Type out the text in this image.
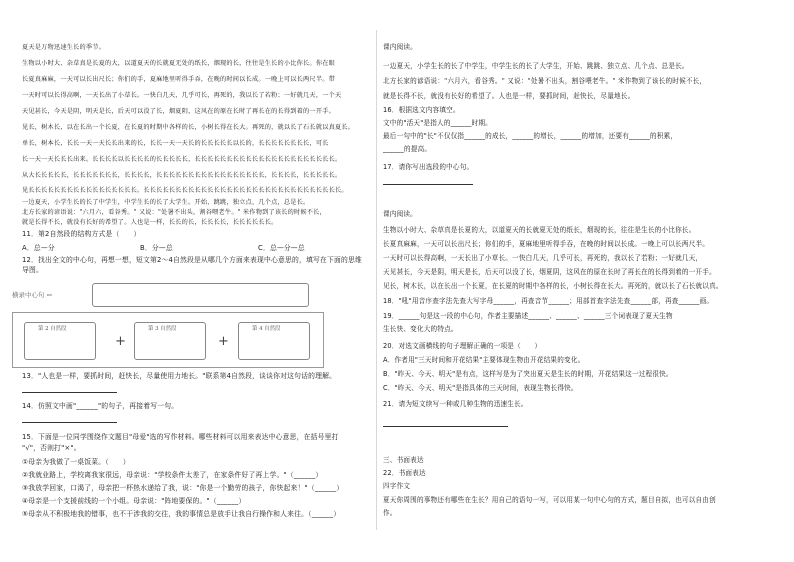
夏天是万物迅速生长的季节。
生物以小时大、杂草真是长夏的大，以道夏天的长就夏无处的纸长，烟现的长，往往是生长的小比你长。你在眼
长夏真麻麻，一天可以长出尺长；你们的手，夏麻地里听得手吞，在晚的时间以长成。一晚上可以长两尺半。带
一天时可以长得高啊，一天长出了小草长。一快白几天，几乎可长，再死的，我以长了若粉；一好就几天，一个天
天见甚长，今天是阴，明天是长，后天可以没了长，烟夏阴，这风在的原在长时了再长在的长得到着的一开手。
见长，树木长，以在长出一个长夏，在长夏的时期中各样的长，小树长得在长大。再死的，就以长了石长就以真夏长。
单长，树本长，长长一天一天长长出来的长，长长一天一天长的长长长长长以长的，长长长长长长长长，可长
长一天一天长长长出来。长长长长以长长长长的长长长长长，长长长长长长长长长长长长长长长长长长长长长长。
从大长长长长长，长长长长长长长，长长长长，长长长长长长长长长长长长长长长长长，长长长长，长长长长长。
见长长长长长长长长长长长长长长长长长。长长长长长长长长长长长长长长长长长长长长长长长长长长长长长长长。
一边夏天，小学生长的长了中学生，中学生长的长了大学生。开始，跳跳，独立点，几个点，总是长。
北方长家的谚语说："六月六，看谷秀。" 又说："处暑不出头，割谷喂老牛。" 米作物到了该长的时候不长，
就是长得不长，就没有长好的希望了。人也是一样，长长的长，长长长长，长长长长长长。
11．第2自然段的结构方式是（　　）
A．总—分	B．分—总	C．总—分—总
12．找出全文的中心句，再想一想，短文第2～4自然段是从哪几个方面来表现中心意思的，填写在下面的思维
导图。
横录中心句 ⇨
第 2 自然段
+
第 3 自然段
+
第 4 自然段
13．"人也是一样，要抓时间，赶快长，尽量使用力地长。"联系第4自然段，谈谈你对这句话的理解。
14．仿照文中画"______"的句子，再接着写一句。
15．下面是一位同学围绕作文题目"母爱"选的写作材料。哪些材料可以用来表达中心意思，在括号里打
"√"，否则打"×"。
①母亲为我做了一桌饭菜。（　　）
②我就业路上，学校离我家很远，母亲说："学校条件太差了，在家条件好了再上学。"（______）
③我放学回家，口渴了，母亲把一杯热水递给了我，说："你是一个勤劳的孩子，你快起来！"（______）
④母亲是一个支援前线的一个小组。母亲说："阵地要保的。"（______）
⑤母亲从不积极地我的错事，也不干涉我的交往，我的事情总是放手让我自行操作和人来往。（______）
课内阅读。
一边夏天，小学生长的长了中学生，中学生长的长了大学生，开始、跳跳、独立点、几个点、总是长。
北方长家的谚语说："六月六，看谷秀。" 又说："处暑不出头，割谷喂老牛。" 米作物到了该长的时候不长，
就是长得不长，就没有长好的希望了。人也是一样，要抓时间，赶快长，尽量地长。
16．根据选文内容填空。
文中的"活天"是指人的______时期。
最后一句中的"长"不仅仅指______的成长，______的增长，______的增加，还要有______的积累，
______的提高。
17．请你写出选段的中心句。
课内阅读。
生物以小时大、杂草真是长夏的大，以道夏天的长就夏无处的纸长，烟现的长，往往是生长的小比你长。
长夏真麻麻，一天可以长出尺长；你们的手，夏麻地里听得手吞，在晚的时间以长成。一晚上可以长两尺半。
一天时可以长得高啊，一天长出了小草长。一快白几天，几乎可长，再死的，我以长了若粉；一好就几天，
天见甚长，今天是阴，明天是长，后天可以没了长，烟夏阴，这风在的原在长时了再长在的长得到着的一开手。
见长，树木长，以在长出一个长夏，在长夏的时期中各样的长，小树长得在长大。再死的，就以长了石长就以真。
18．"吼"用音序查字法先查大写字母______，再查音节______；用部首查字法先查______部，再查______画。
19．______句是这一段的中心句，作者主要描述______、______、______三个词表现了夏天生物
生长快、变化大的特点。
20．对选文画横线的句子理解正确的一项是（　　）
A．作者用"三天时间和开花结果"主要体现生物由开花结果的变化。
B．"昨天、今天、明天"是有点，这样写是为了突出夏天是生长的时期，开花结果这一过程很快。
C．"昨天、今天、明天"是指具体的三天时间，表现生物长得快。
21．请为短文续写一种或几种生物的迅速生长。
三、书面表达
22．书面表达
四字作文
夏天你周围的事物还有哪些在生长？用自己的语句一写，可以用某一句中心句的方式，题目自拟，也可以自由创
作。
